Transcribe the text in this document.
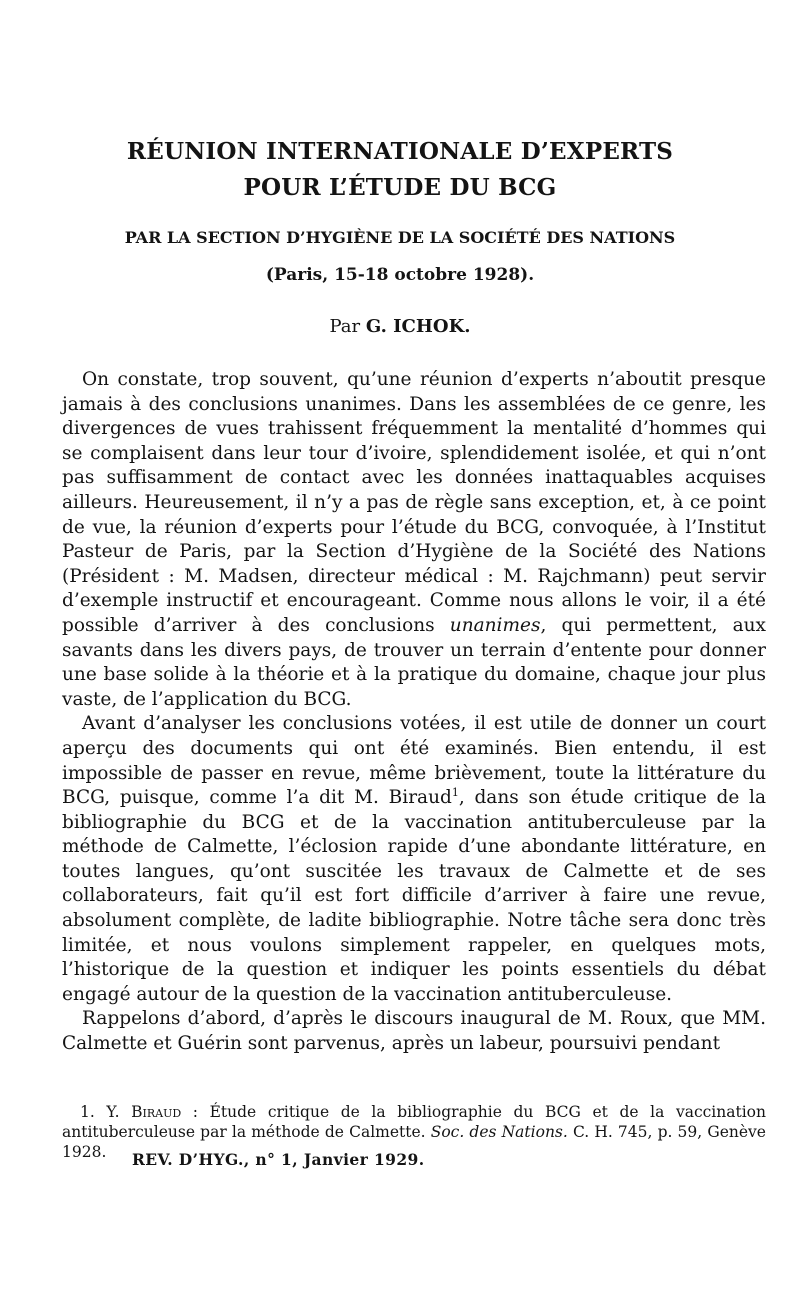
RÉUNION INTERNATIONALE D’EXPERTS
POUR L’ÉTUDE DU BCG
PAR LA SECTION D’HYGIÈNE DE LA SOCIÉTÉ DES NATIONS
(Paris, 15-18 octobre 1928).
Par G. ICHOK.

On constate, trop souvent, qu’une réunion d’experts n’aboutit presque jamais à des conclusions unanimes. Dans les assemblées de ce genre, les divergences de vues trahissent fréquemment la mentalité d’hommes qui se complaisent dans leur tour d’ivoire, splendidement isolée, et qui n’ont pas suffisamment de contact avec les données inattaquables acquises ailleurs. Heureusement, il n’y a pas de règle sans exception, et, à ce point de vue, la réunion d’experts pour l’étude du BCG, convoquée, à l’Institut Pasteur de Paris, par la Section d’Hygiène de la Société des Nations (Président : M. Madsen, directeur médical : M. Rajchmann) peut servir d’exemple instructif et encourageant. Comme nous allons le voir, il a été possible d’arriver à des conclusions unanimes, qui permettent, aux savants dans les divers pays, de trouver un terrain d’entente pour donner une base solide à la théorie et à la pratique du domaine, chaque jour plus vaste, de l’application du BCG.

Avant d’analyser les conclusions votées, il est utile de donner un court aperçu des documents qui ont été examinés. Bien entendu, il est impossible de passer en revue, même brièvement, toute la littérature du BCG, puisque, comme l’a dit M. Biraud$^1$, dans son étude critique de la bibliographie du BCG et de la vaccination antituberculeuse par la méthode de Calmette, l’éclosion rapide d’une abondante littérature, en toutes langues, qu’ont suscitée les travaux de Calmette et de ses collaborateurs, fait qu’il est fort difficile d’arriver à faire une revue, absolument complète, de ladite bibliographie. Notre tâche sera donc très limitée, et nous voulons simplement rappeler, en quelques mots, l’historique de la question et indiquer les points essentiels du débat engagé autour de la question de la vaccination antituberculeuse.

Rappelons d’abord, d’après le discours inaugural de M. Roux, que MM. Calmette et Guérin sont parvenus, après un labeur, poursuivi pendant

1. Y. Biraud : Étude critique de la bibliographie du BCG et de la vaccination antituberculeuse par la méthode de Calmette. Soc. des Nations. C. H. 745, p. 59, Genève 1928.	REV. D’HYG., n° 1, Janvier 1929.
